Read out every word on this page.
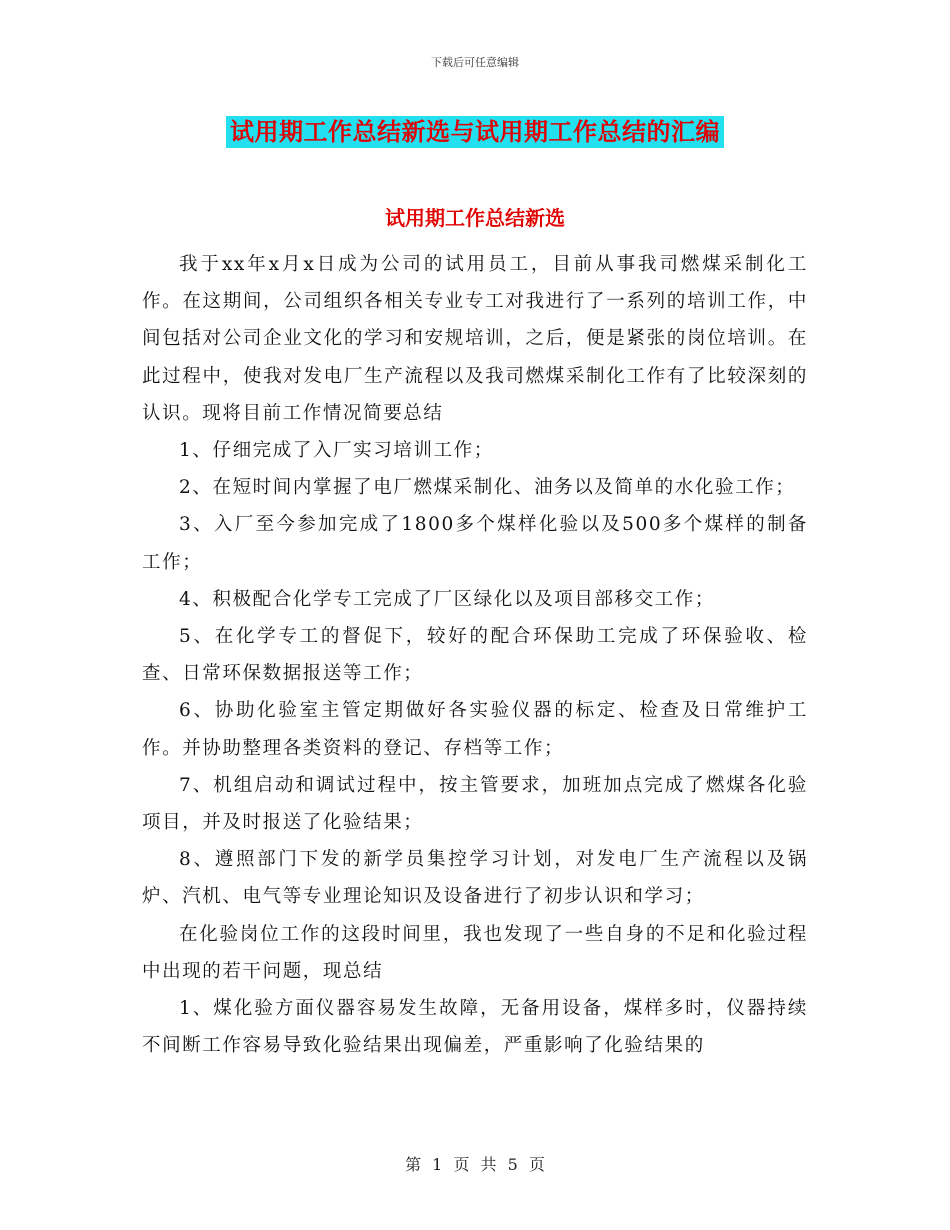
下载后可任意编辑
试用期工作总结新选与试用期工作总结的汇编
试用期工作总结新选

我于xx年x月x日成为公司的试用员工，目前从事我司燃煤采制化工作。在这期间，公司组织各相关专业专工对我进行了一系列的培训工作，中间包括对公司企业文化的学习和安规培训，之后，便是紧张的岗位培训。在此过程中，使我对发电厂生产流程以及我司燃煤采制化工作有了比较深刻的认识。现将目前工作情况简要总结

1、仔细完成了入厂实习培训工作；

2、在短时间内掌握了电厂燃煤采制化、油务以及简单的水化验工作；

3、入厂至今参加完成了1800多个煤样化验以及500多个煤样的制备工作；

4、积极配合化学专工完成了厂区绿化以及项目部移交工作；

5、在化学专工的督促下，较好的配合环保助工完成了环保验收、检查、日常环保数据报送等工作；

6、协助化验室主管定期做好各实验仪器的标定、检查及日常维护工作。并协助整理各类资料的登记、存档等工作；

7、机组启动和调试过程中，按主管要求，加班加点完成了燃煤各化验项目，并及时报送了化验结果；

8、遵照部门下发的新学员集控学习计划，对发电厂生产流程以及锅炉、汽机、电气等专业理论知识及设备进行了初步认识和学习；

在化验岗位工作的这段时间里，我也发现了一些自身的不足和化验过程中出现的若干问题，现总结

1、煤化验方面仪器容易发生故障，无备用设备，煤样多时，仪器持续不间断工作容易导致化验结果出现偏差，严重影响了化验结果的

第 1 页 共 5 页
